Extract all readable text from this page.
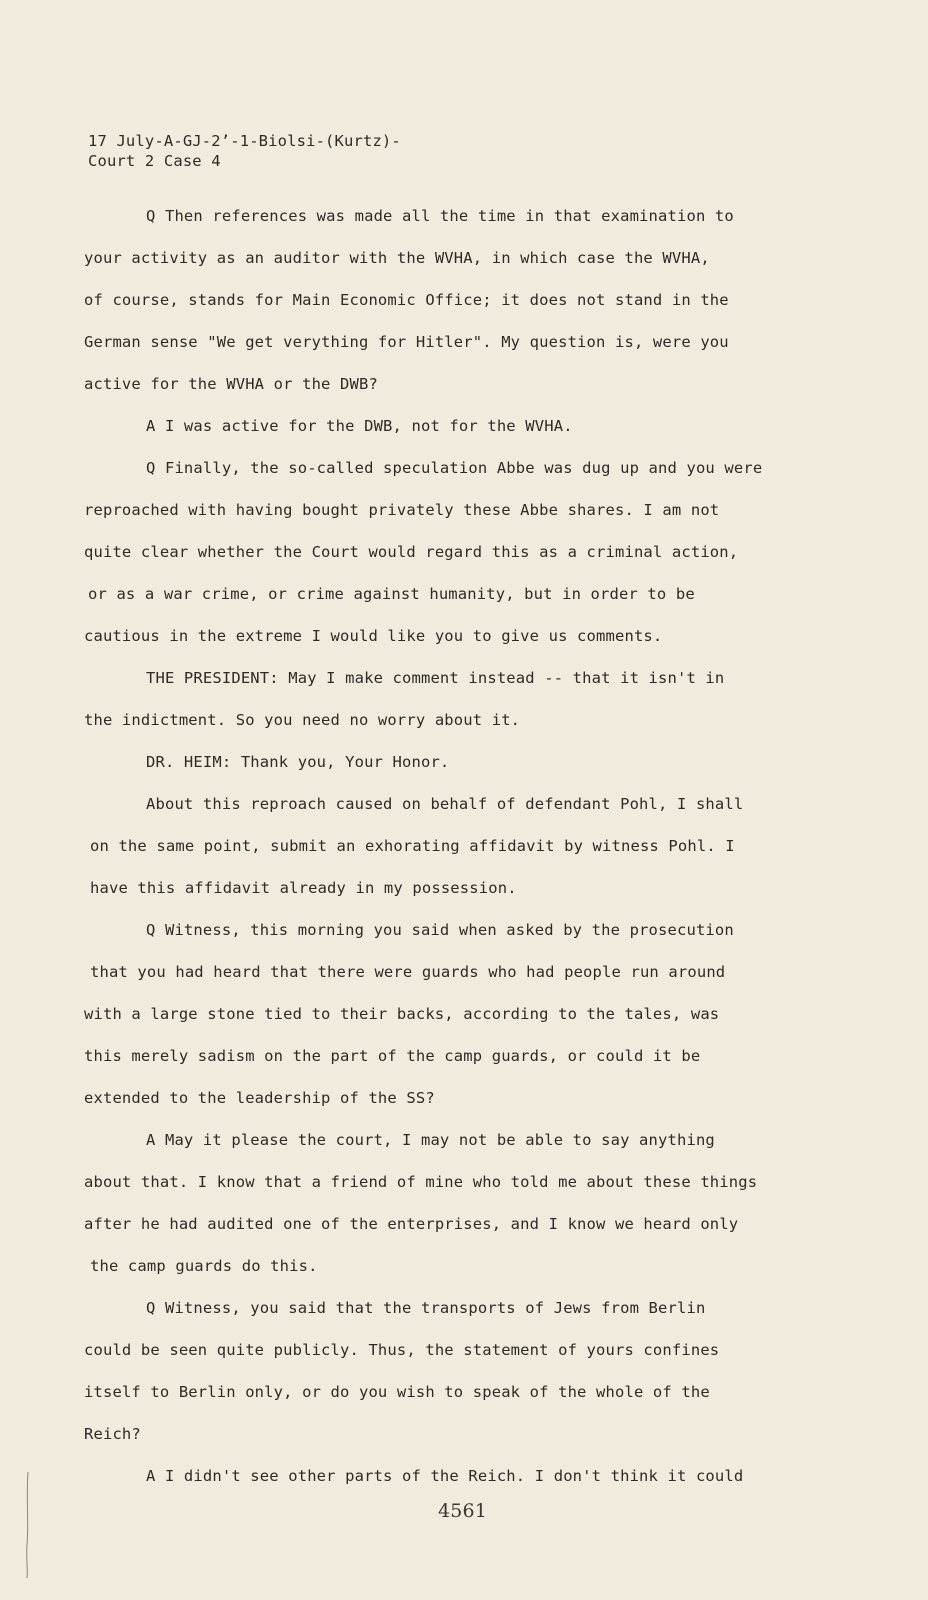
17 July-A-GJ-2’-1-Biolsi-(Kurtz)-
Court 2 Case 4
Q Then references was made all the time in that examination to
your activity as an auditor with the WVHA, in which case the WVHA,
of course, stands for Main Economic Office; it does not stand in the
German sense "We get verything for Hitler". My question is, were you
active for the WVHA or the DWB?
A I was active for the DWB, not for the WVHA.
Q Finally, the so-called speculation Abbe was dug up and you were
reproached with having bought privately these Abbe shares. I am not
quite clear whether the Court would regard this as a criminal action,
or as a war crime, or crime against humanity, but in order to be
cautious in the extreme I would like you to give us comments.
THE PRESIDENT: May I make comment instead -- that it isn't in
the indictment. So you need no worry about it.
DR. HEIM: Thank you, Your Honor.
About this reproach caused on behalf of defendant Pohl, I shall
on the same point, submit an exhorating affidavit by witness Pohl. I
have this affidavit already in my possession.
Q Witness, this morning you said when asked by the prosecution
that you had heard that there were guards who had people run around
with a large stone tied to their backs, according to the tales, was
this merely sadism on the part of the camp guards, or could it be
extended to the leadership of the SS?
A May it please the court, I may not be able to say anything
about that. I know that a friend of mine who told me about these things
after he had audited one of the enterprises, and I know we heard only
the camp guards do this.
Q Witness, you said that the transports of Jews from Berlin
could be seen quite publicly. Thus, the statement of yours confines
itself to Berlin only, or do you wish to speak of the whole of the
Reich?
A I didn't see other parts of the Reich. I don't think it could
4561
